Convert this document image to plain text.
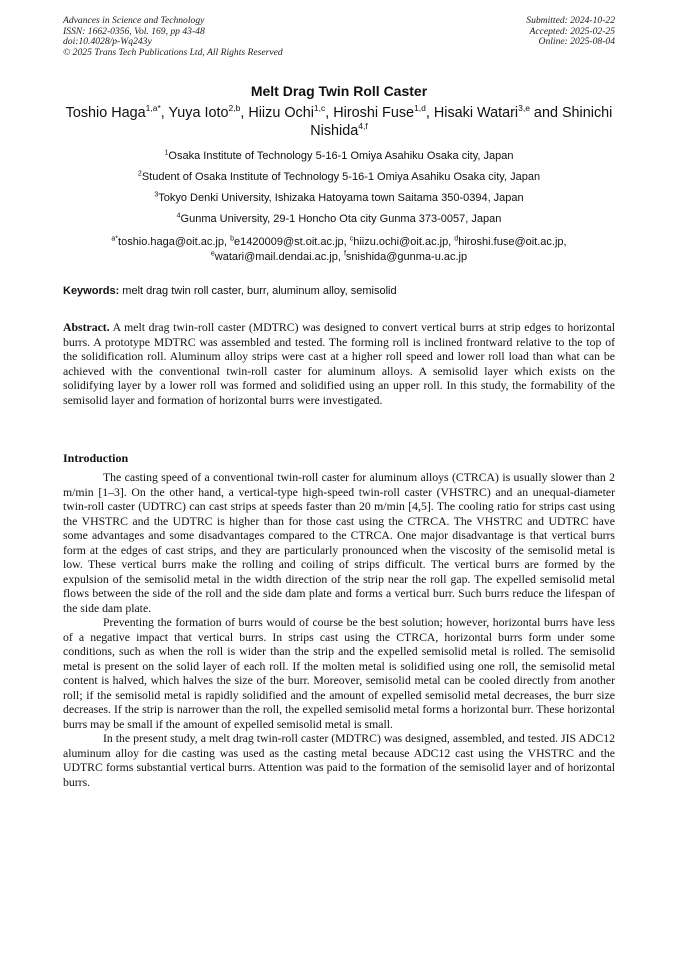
Advances in Science and Technology
ISSN: 1662-0356, Vol. 169, pp 43-48
doi:10.4028/p-Wq243y
© 2025 Trans Tech Publications Ltd, All Rights Reserved
Submitted: 2024-10-22
Accepted: 2025-02-25
Online: 2025-08-04
Melt Drag Twin Roll Caster
Toshio Haga$^{1,a*}$, Yuya Ioto$^{2,b}$, Hiizu Ochi$^{1,c}$, Hiroshi Fuse$^{1,d}$, Hisaki Watari$^{3,e}$ and Shinichi Nishida$^{4,f}$
$^1$Osaka Institute of Technology 5-16-1 Omiya Asahiku Osaka city, Japan
$^2$Student of Osaka Institute of Technology 5-16-1 Omiya Asahiku Osaka city, Japan
$^3$Tokyo Denki University, Ishizaka Hatoyama town Saitama 350-0394, Japan
$^4$Gunma University, 29-1 Honcho Ota city Gunma 373-0057, Japan
$^{a*}$toshio.haga@oit.ac.jp, $^b$e1420009@st.oit.ac.jp, $^c$hiizu.ochi@oit.ac.jp, $^d$hiroshi.fuse@oit.ac.jp,
$^e$watari@mail.dendai.ac.jp, $^f$snishida@gunma-u.ac.jp
Keywords: melt drag twin roll caster, burr, aluminum alloy, semisolid
Abstract. A melt drag twin-roll caster (MDTRC) was designed to convert vertical burrs at strip edges to horizontal burrs. A prototype MDTRC was assembled and tested. The forming roll is inclined frontward relative to the top of the solidification roll. Aluminum alloy strips were cast at a higher roll speed and lower roll load than what can be achieved with the conventional twin-roll caster for aluminum alloys. A semisolid layer which exists on the solidifying layer by a lower roll was formed and solidified using an upper roll. In this study, the formability of the semisolid layer and formation of horizontal burrs were investigated.
Introduction

The casting speed of a conventional twin-roll caster for aluminum alloys (CTRCA) is usually slower than 2 m/min [1–3]. On the other hand, a vertical-type high-speed twin-roll caster (VHSTRC) and an unequal-diameter twin-roll caster (UDTRC) can cast strips at speeds faster than 20 m/min [4,5]. The cooling ratio for strips cast using the VHSTRC and the UDTRC is higher than for those cast using the CTRCA. The VHSTRC and UDTRC have some advantages and some disadvantages compared to the CTRCA. One major disadvantage is that vertical burrs form at the edges of cast strips, and they are particularly pronounced when the viscosity of the semisolid metal is low. These vertical burrs make the rolling and coiling of strips difficult. The vertical burrs are formed by the expulsion of the semisolid metal in the width direction of the strip near the roll gap. The expelled semisolid metal flows between the side of the roll and the side dam plate and forms a vertical burr. Such burrs reduce the lifespan of the side dam plate.

Preventing the formation of burrs would of course be the best solution; however, horizontal burrs have less of a negative impact that vertical burrs. In strips cast using the CTRCA, horizontal burrs form under some conditions, such as when the roll is wider than the strip and the expelled semisolid metal is rolled. The semisolid metal is present on the solid layer of each roll. If the molten metal is solidified using one roll, the semisolid metal content is halved, which halves the size of the burr. Moreover, semisolid metal can be cooled directly from another roll; if the semisolid metal is rapidly solidified and the amount of expelled semisolid metal decreases, the burr size decreases. If the strip is narrower than the roll, the expelled semisolid metal forms a horizontal burr. These horizontal burrs may be small if the amount of expelled semisolid metal is small.

In the present study, a melt drag twin-roll caster (MDTRC) was designed, assembled, and tested. JIS ADC12 aluminum alloy for die casting was used as the casting metal because ADC12 cast using the VHSTRC and the UDTRC forms substantial vertical burrs. Attention was paid to the formation of the semisolid layer and of horizontal burrs.
